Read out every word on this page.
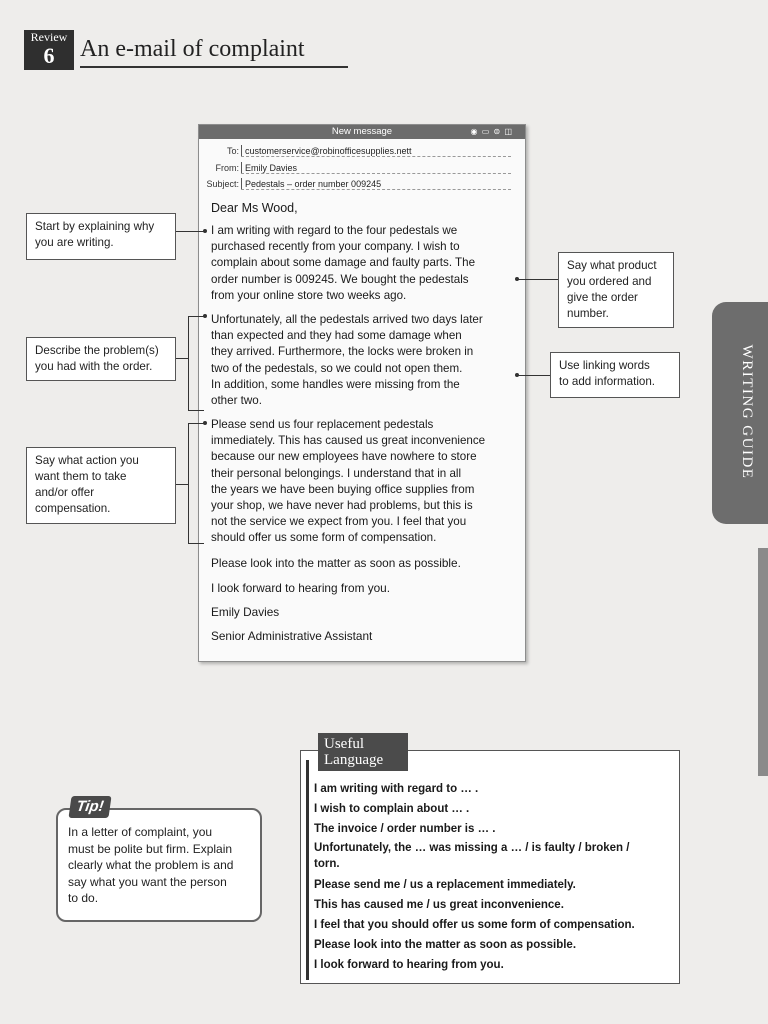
Review
6	An e-mail of complaint
New message	◉ ▭ ⊜ ◫
To: customerservice@robinofficesupplies.nett
From: Emily Davies
Subject: Pedestals – order number 009245
Dear Ms Wood,
I am writing with regard to the four pedestals we
purchased recently from your company. I wish to
complain about some damage and faulty parts. The
order number is 009245. We bought the pedestals
from your online store two weeks ago.
Unfortunately, all the pedestals arrived two days later
than expected and they had some damage when
they arrived. Furthermore, the locks were broken in
two of the pedestals, so we could not open them.
In addition, some handles were missing from the
other two.
Please send us four replacement pedestals
immediately. This has caused us great inconvenience
because our new employees have nowhere to store
their personal belongings. I understand that in all
the years we have been buying office supplies from
your shop, we have never had problems, but this is
not the service we expect from you. I feel that you
should offer us some form of compensation.
Please look into the matter as soon as possible.
I look forward to hearing from you.
Emily Davies
Senior Administrative Assistant
Start by explaining why
you are writing.
Describe the problem(s)
you had with the order.
Say what action you
want them to take
and/or offer
compensation.
Say what product
you ordered and
give the order
number.
Use linking words
to add information.	WRITING GUIDE
Tip!
In a letter of complaint, you
must be polite but firm. Explain
clearly what the problem is and
say what you want the person
to do.
Useful
Language
I am writing with regard to … .
I wish to complain about … .
The invoice / order number is … .
Unfortunately, the … was missing a … / is faulty / broken /
torn.
Please send me / us a replacement immediately.
This has caused me / us great inconvenience.
I feel that you should offer us some form of compensation.
Please look into the matter as soon as possible.
I look forward to hearing from you.
